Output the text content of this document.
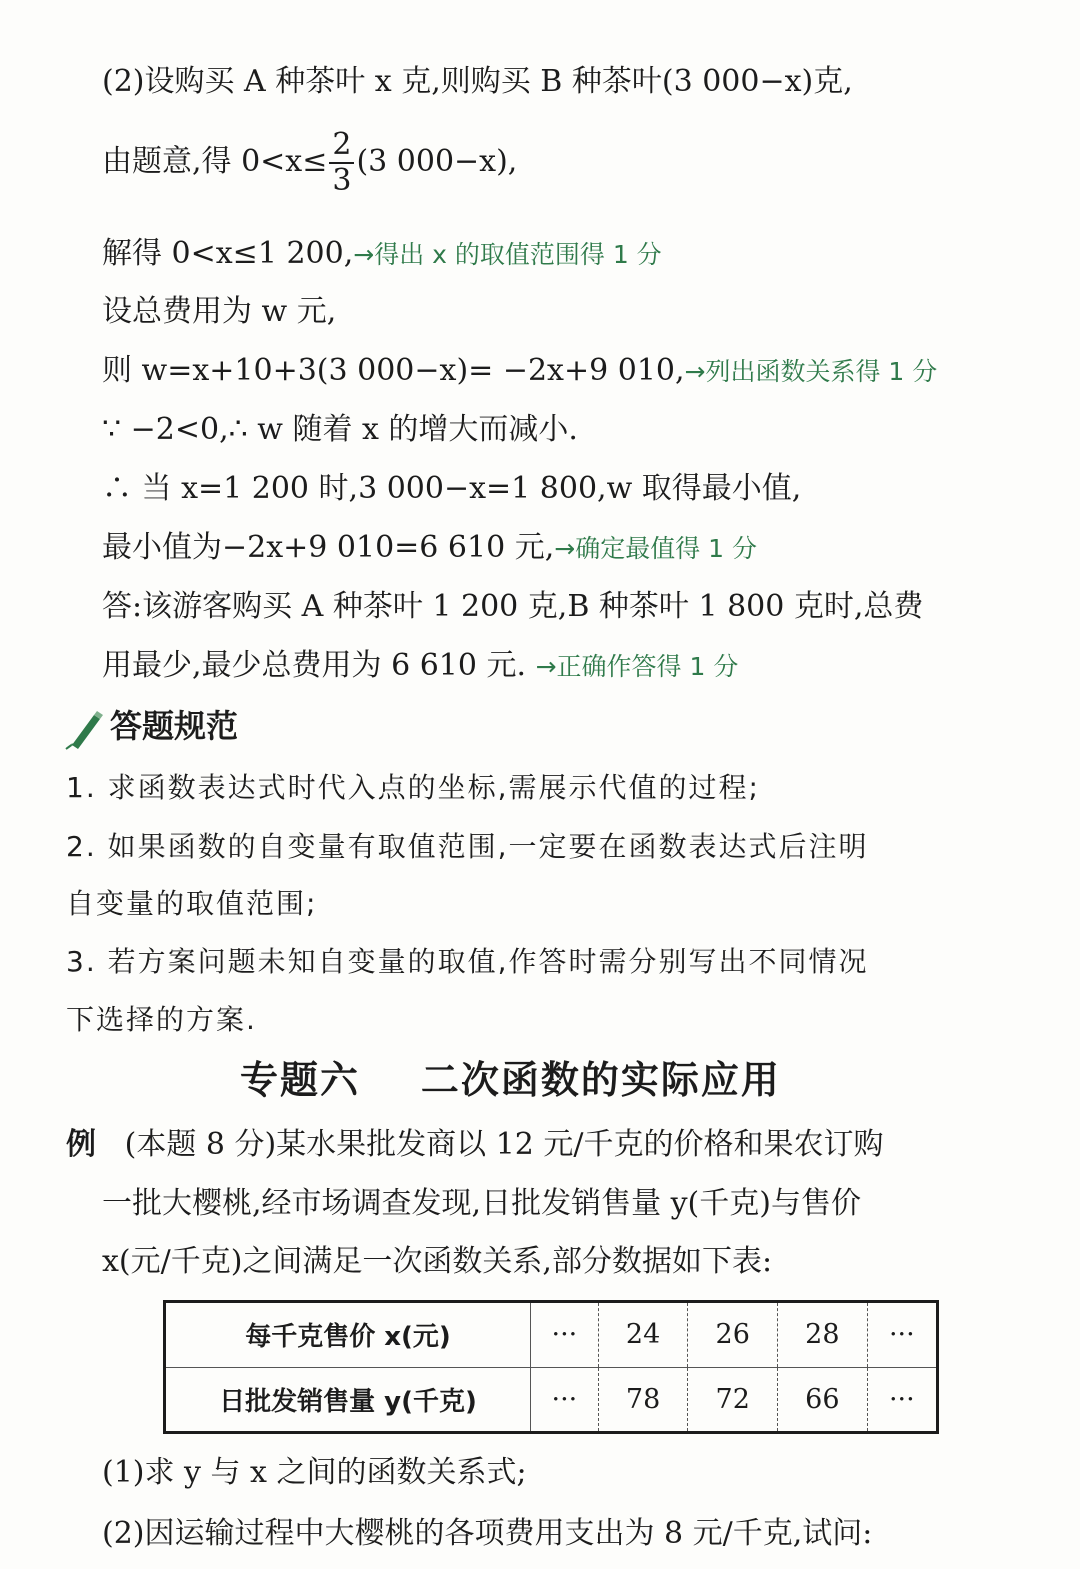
(2)设购买 A 种茶叶 x 克,则购买 B 种茶叶(3 000−x)克,
由题意,得 $0<x\le \frac{2}{3} (3$ 000−x),
解得 0<x≤1 200,→得出 x 的取值范围得 1 分
设总费用为 w 元,
则 w=x+10+3(3 000−x)= −2x+9 010,→列出函数关系得 1 分
∵ −2<0,∴ w 随着 x 的增大而减小.
∴ 当 x=1 200 时,3 000−x=1 800,w 取得最小值,
最小值为−2x+9 010=6 610 元,→确定最值得 1 分
答:该游客购买 A 种茶叶 1 200 克,B 种茶叶 1 800 克时,总费
用最少,最少总费用为 6 610 元. →正确作答得 1 分
答题规范
1. 求函数表达式时代入点的坐标,需展示代值的过程;
2. 如果函数的自变量有取值范围,一定要在函数表达式后注明
自变量的取值范围;
3. 若方案问题未知自变量的取值,作答时需分别写出不同情况
下选择的方案.
专题六    二次函数的实际应用
例 (本题 8 分)某水果批发商以 12 元/千克的价格和果农订购
一批大樱桃,经市场调查发现,日批发销售量 y(千克)与售价
x(元/千克)之间满足一次函数关系,部分数据如下表:
每千克售价 x(元)	···	24	26	28	···
日批发销售量 y(千克)	···	78	72	66	···
(1)求 y 与 x 之间的函数关系式;
(2)因运输过程中大樱桃的各项费用支出为 8 元/千克,试问:
